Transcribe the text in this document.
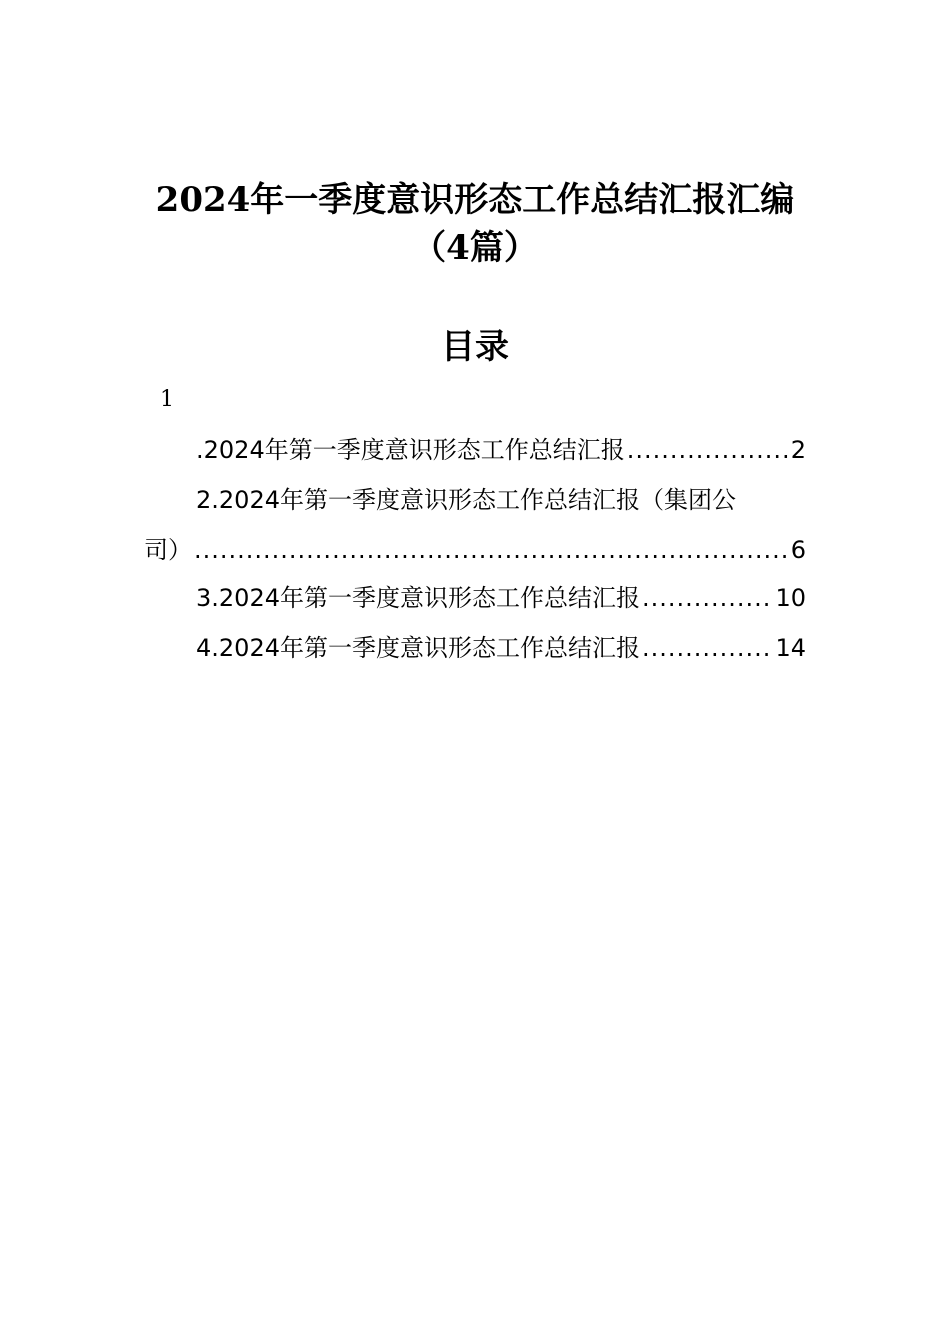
2024年一季度意识形态工作总结汇报汇编
（4篇）
目录
1
.2024年第一季度意识形态工作总结汇报 .....	2
2.2024年第一季度意识形态工作总结汇报（集团公
司） .....	6
3.2024年第一季度意识形态工作总结汇报 .....	10
4.2024年第一季度意识形态工作总结汇报 .....	14
